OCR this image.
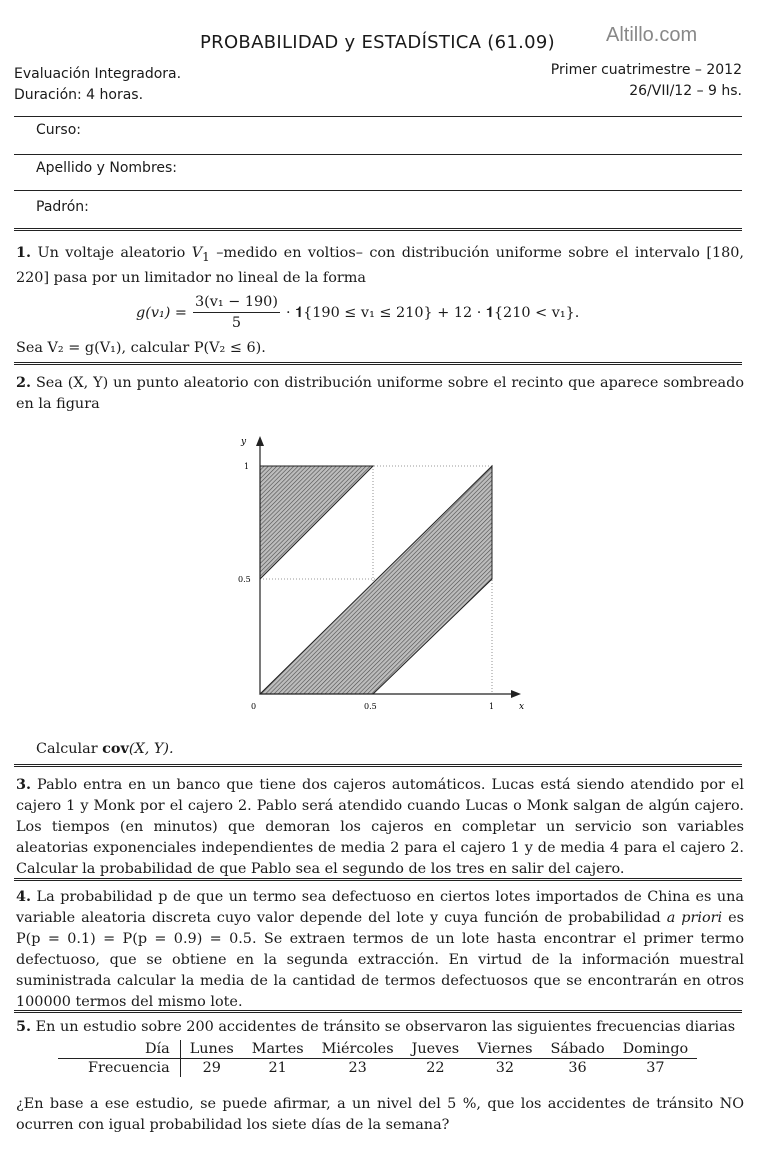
PROBABILIDAD y ESTADÍSTICA (61.09)	Altillo.com
Evaluación Integradora.
Duración: 4 horas.
Primer cuatrimestre – 2012
26/VII/12 – 9 hs.
Curso:
Apellido y Nombres:
Padrón:
1. Un voltaje aleatorio $V_1$ –medido en voltios– con distribución uniforme sobre el intervalo [180, 220] pasa por un limitador no lineal de la forma
$g(v_1) = \frac{\text{3(v₁ − 190)}}{5}$ · 𝟏{190 ≤ v₁ ≤ 210} + 12 · 𝟏{210 < v₁}.
Sea V₂ = g(V₁), calcular P(V₂ ≤ 6).
2. Sea (X, Y) un punto aleatorio con distribución uniforme sobre el recinto que aparece sombreado en la figura
y
x
0	0.5	1
0.5
1
Calcular cov(X, Y).
3. Pablo entra en un banco que tiene dos cajeros automáticos. Lucas está siendo atendido por el cajero 1 y Monk por el cajero 2. Pablo será atendido cuando Lucas o Monk salgan de algún cajero. Los tiempos (en minutos) que demoran los cajeros en completar un servicio son variables aleatorias exponenciales independientes de media 2 para el cajero 1 y de media 4 para el cajero 2. Calcular la probabilidad de que Pablo sea el segundo de los tres en salir del cajero.
4. La probabilidad p de que un termo sea defectuoso en ciertos lotes importados de China es una variable aleatoria discreta cuyo valor depende del lote y cuya función de probabilidad a priori es P(p = 0.1) = P(p = 0.9) = 0.5. Se extraen termos de un lote hasta encontrar el primer termo defectuoso, que se obtiene en la segunda extracción. En virtud de la información muestral suministrada calcular la media de la cantidad de termos defectuosos que se encontrarán en otros 100000 termos del mismo lote.
5. En un estudio sobre 200 accidentes de tránsito se observaron las siguientes frecuencias diarias
Día	Lunes	Martes	Miércoles	Jueves	Viernes	Sábado	Domingo
Frecuencia	29	21	23	22	32	36	37
¿En base a ese estudio, se puede afirmar, a un nivel del 5 %, que los accidentes de tránsito NO ocurren con igual probabilidad los siete días de la semana?
